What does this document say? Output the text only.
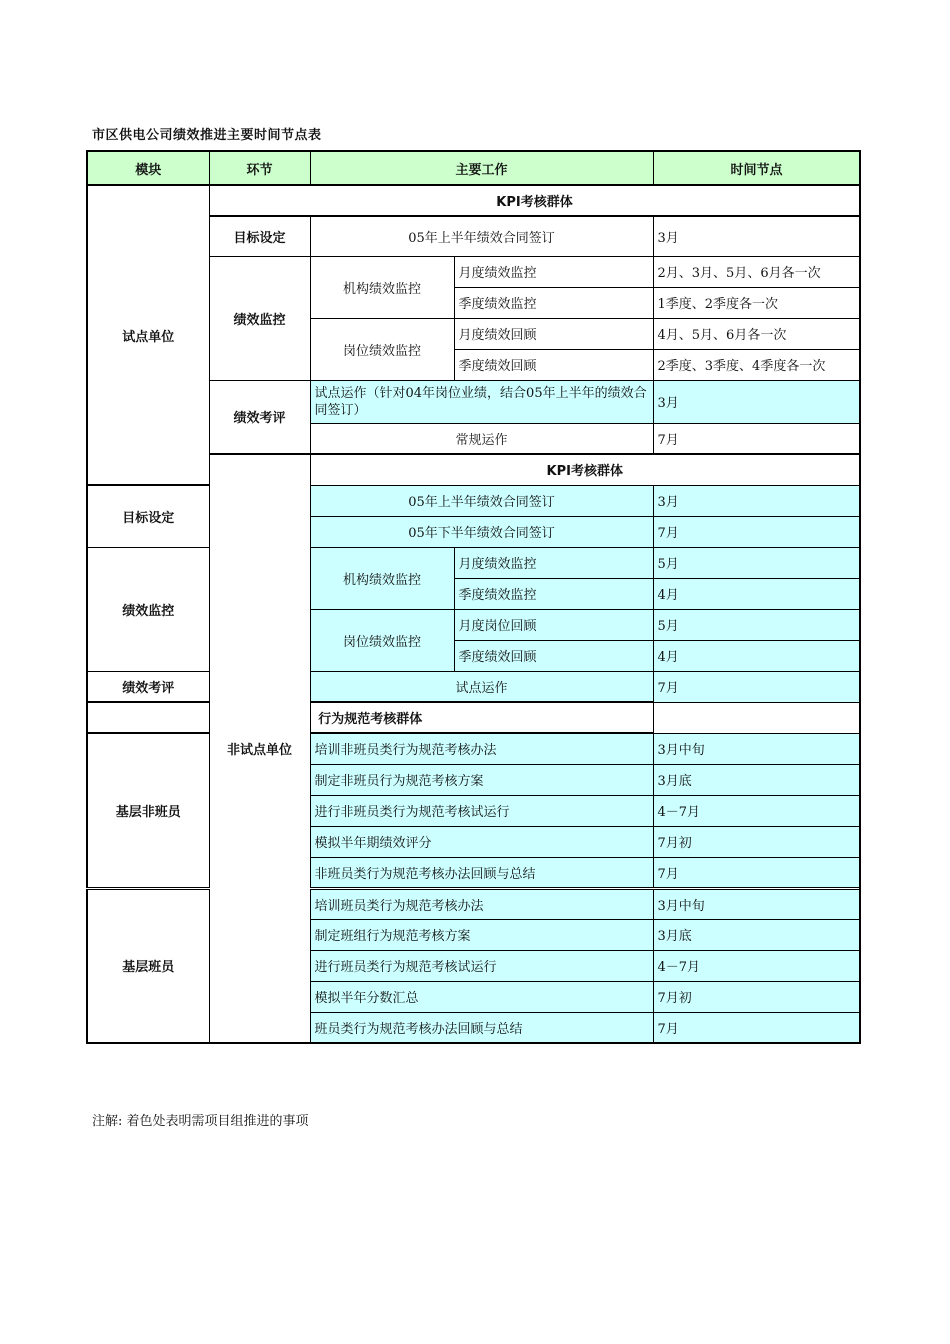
市区供电公司绩效推进主要时间节点表
模块	环节	主要工作		时间节点
试点单位	KPI考核群体			
	目标设定	05年上半年绩效合同签订		3月
	绩效监控	机构绩效监控	月度绩效监控	2月、3月、5月、6月各一次
			季度绩效监控	1季度、2季度各一次
		岗位绩效监控	月度绩效回顾	4月、5月、6月各一次
			季度绩效回顾	2季度、3季度、4季度各一次
	绩效考评	试点运作（针对04年岗位业绩，结合05年上半年的绩效合同签订）		3月
		常规运作		7月
	非试点单位	KPI考核群体		
目标设定		05年上半年绩效合同签订		3月
		05年下半年绩效合同签订		7月
绩效监控		机构绩效监控	月度绩效监控	5月
			季度绩效监控	4月
		岗位绩效监控	月度岗位回顾	5月
			季度绩效回顾	4月
绩效考评		试点运作		7月
行为规范考核群体				
基层非班员		培训非班员类行为规范考核办法		3月中旬
		制定非班员行为规范考核方案		3月底
		进行非班员类行为规范考核试运行		4－7月
		模拟半年期绩效评分		7月初
		非班员类行为规范考核办法回顾与总结		7月
基层班员		培训班员类行为规范考核办法		3月中旬
		制定班组行为规范考核方案		3月底
		进行班员类行为规范考核试运行		4－7月
		模拟半年分数汇总		7月初
		班员类行为规范考核办法回顾与总结		7月
注解: 着色处表明需项目组推进的事项
